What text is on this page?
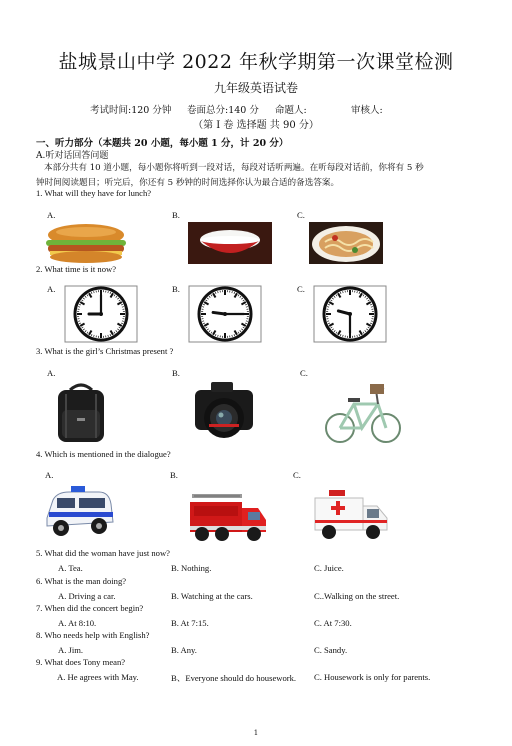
盐城景山中学 2022 年秋学期第一次课堂检测
九年级英语试卷
考试时间:120 分钟 卷面总分:140 分 命题人:	审核人:
（第 I 卷 选择题 共 90 分）
一、听力部分（本题共 20 小题，每小题 1 分，计 20 分）
A.听对话回答问题
本部分共有 10 道小题，每小题你将听到一段对话，每段对话听两遍。在听每段对话前，你将有 5 秒
钟时间阅读题目；听完后，你还有 5 秒钟的时间选择你认为最合适的备选答案。
1. What will they have for lunch?
A.	B.	C.
2. What time is it now?
A.	B.	C.
3. What is the girl’s Christmas present ?
A.	B.	C.
4. Which is mentioned in the dialogue?
A.	B.	C.
5. What did the woman have just now?
A. Tea.	B. Nothing.	C. Juice.
6. What is the man doing?
A. Driving a car.	B. Watching at the cars.	C..Walking on the street.
7. When did the concert begin?
A. At 8:10.	B. At 7:15.	C. At 7:30.
8. Who needs help with English?
A. Jim.	B. Any.	C. Sandy.
9. What does Tony mean?
A. He agrees with May.	B、Everyone should do housework. C. Housework is only for parents.
1
